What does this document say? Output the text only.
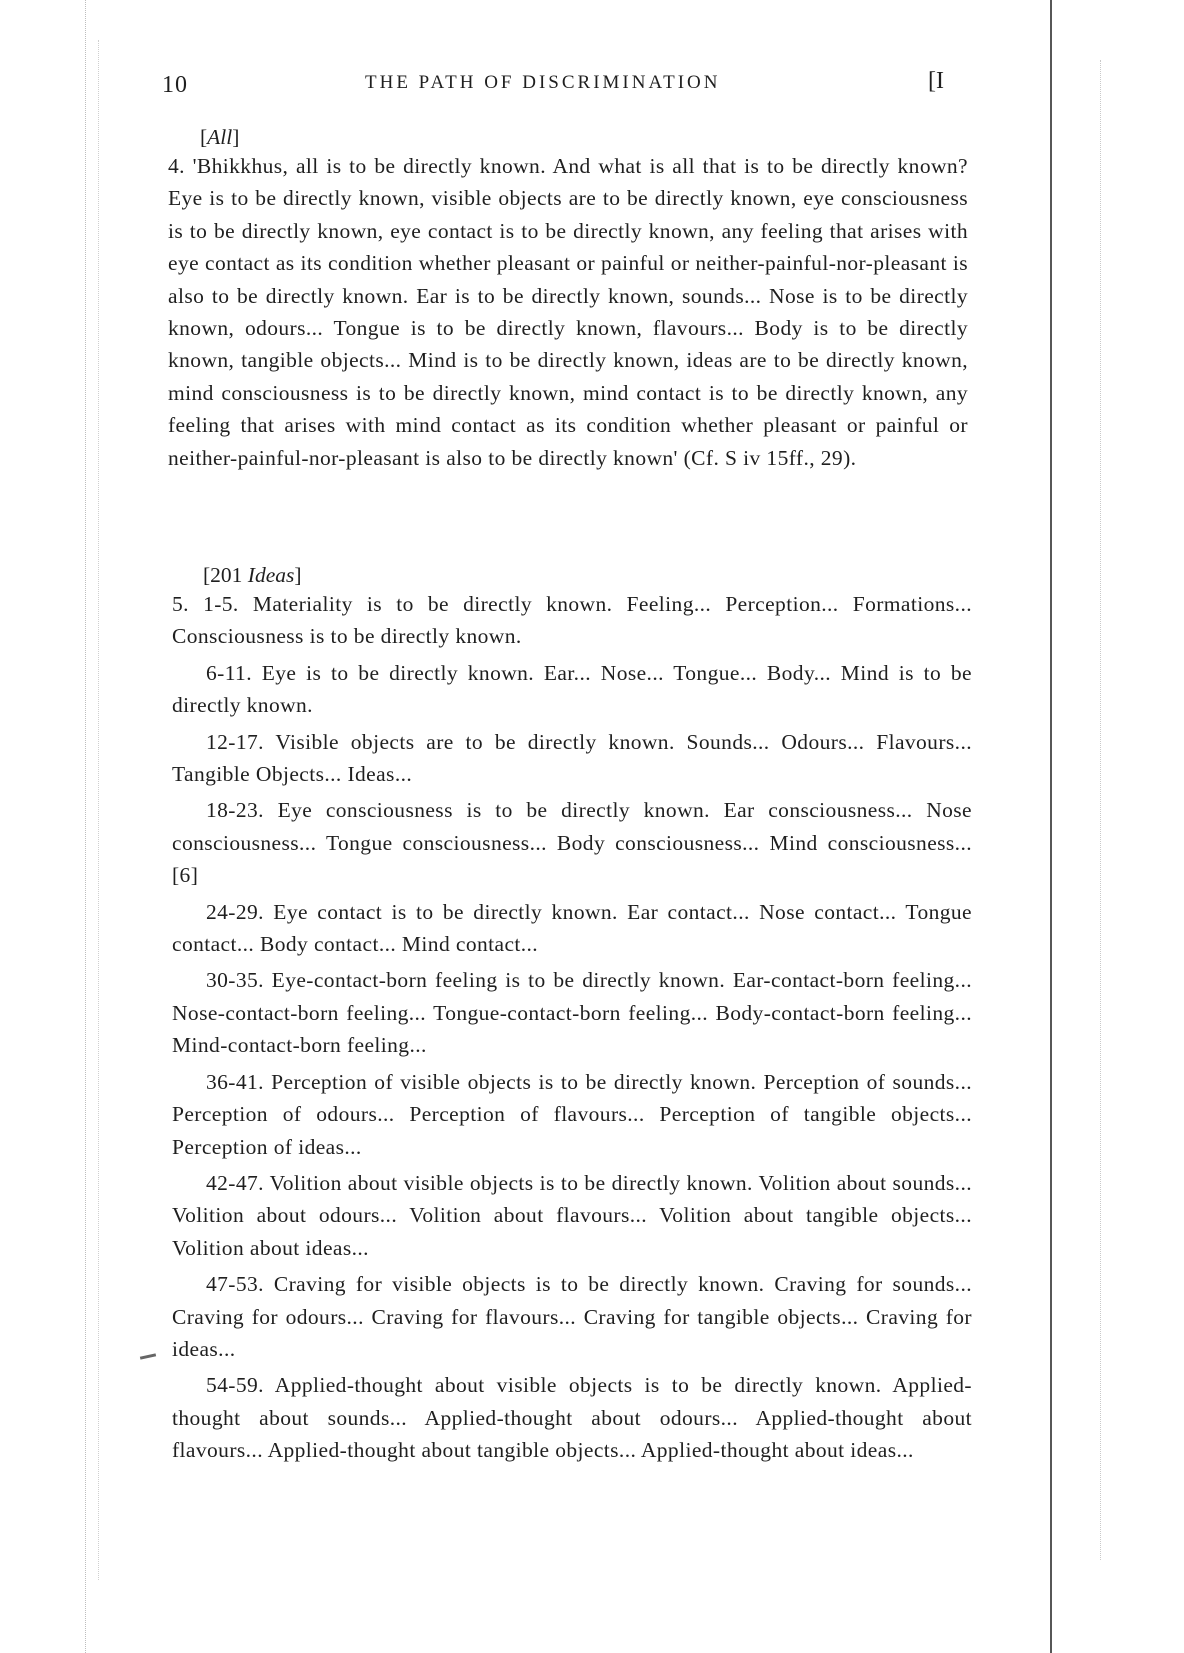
10	THE PATH OF DISCRIMINATION	[I
[All]

4. 'Bhikkhus, all is to be directly known. And what is all that is to be directly known? Eye is to be directly known, visible objects are to be directly known, eye consciousness is to be directly known, eye contact is to be directly known, any feeling that arises with eye contact as its condition whether pleasant or painful or neither-painful-nor-pleasant is also to be directly known. Ear is to be directly known, sounds... Nose is to be directly known, odours... Tongue is to be directly known, flavours... Body is to be directly known, tangible objects... Mind is to be directly known, ideas are to be directly known, mind consciousness is to be directly known, mind contact is to be directly known, any feeling that arises with mind contact as its condition whether pleasant or painful or neither-painful-nor-pleasant is also to be directly known' (Cf. S iv 15ff., 29).

[201 Ideas]

5. 1-5. Materiality is to be directly known. Feeling... Perception... Formations... Consciousness is to be directly known.

6-11. Eye is to be directly known. Ear... Nose... Tongue... Body... Mind is to be directly known.

12-17. Visible objects are to be directly known. Sounds... Odours... Flavours... Tangible Objects... Ideas...

18-23. Eye consciousness is to be directly known. Ear consciousness... Nose consciousness... Tongue consciousness... Body consciousness... Mind consciousness... [6]

24-29. Eye contact is to be directly known. Ear contact... Nose contact... Tongue contact... Body contact... Mind contact...

30-35. Eye-contact-born feeling is to be directly known. Ear-contact-born feeling... Nose-contact-born feeling... Tongue-contact-born feeling... Body-contact-born feeling... Mind-contact-born feeling...

36-41. Perception of visible objects is to be directly known. Perception of sounds... Perception of odours... Perception of flavours... Perception of tangible objects... Perception of ideas...

42-47. Volition about visible objects is to be directly known. Volition about sounds... Volition about odours... Volition about flavours... Volition about tangible objects... Volition about ideas...

47-53. Craving for visible objects is to be directly known. Craving for sounds... Craving for odours... Craving for flavours... Craving for tangible objects... Craving for ideas...

54-59. Applied-thought about visible objects is to be directly known. Applied-thought about sounds... Applied-thought about odours... Applied-thought about flavours... Applied-thought about tangible objects... Applied-thought about ideas...
